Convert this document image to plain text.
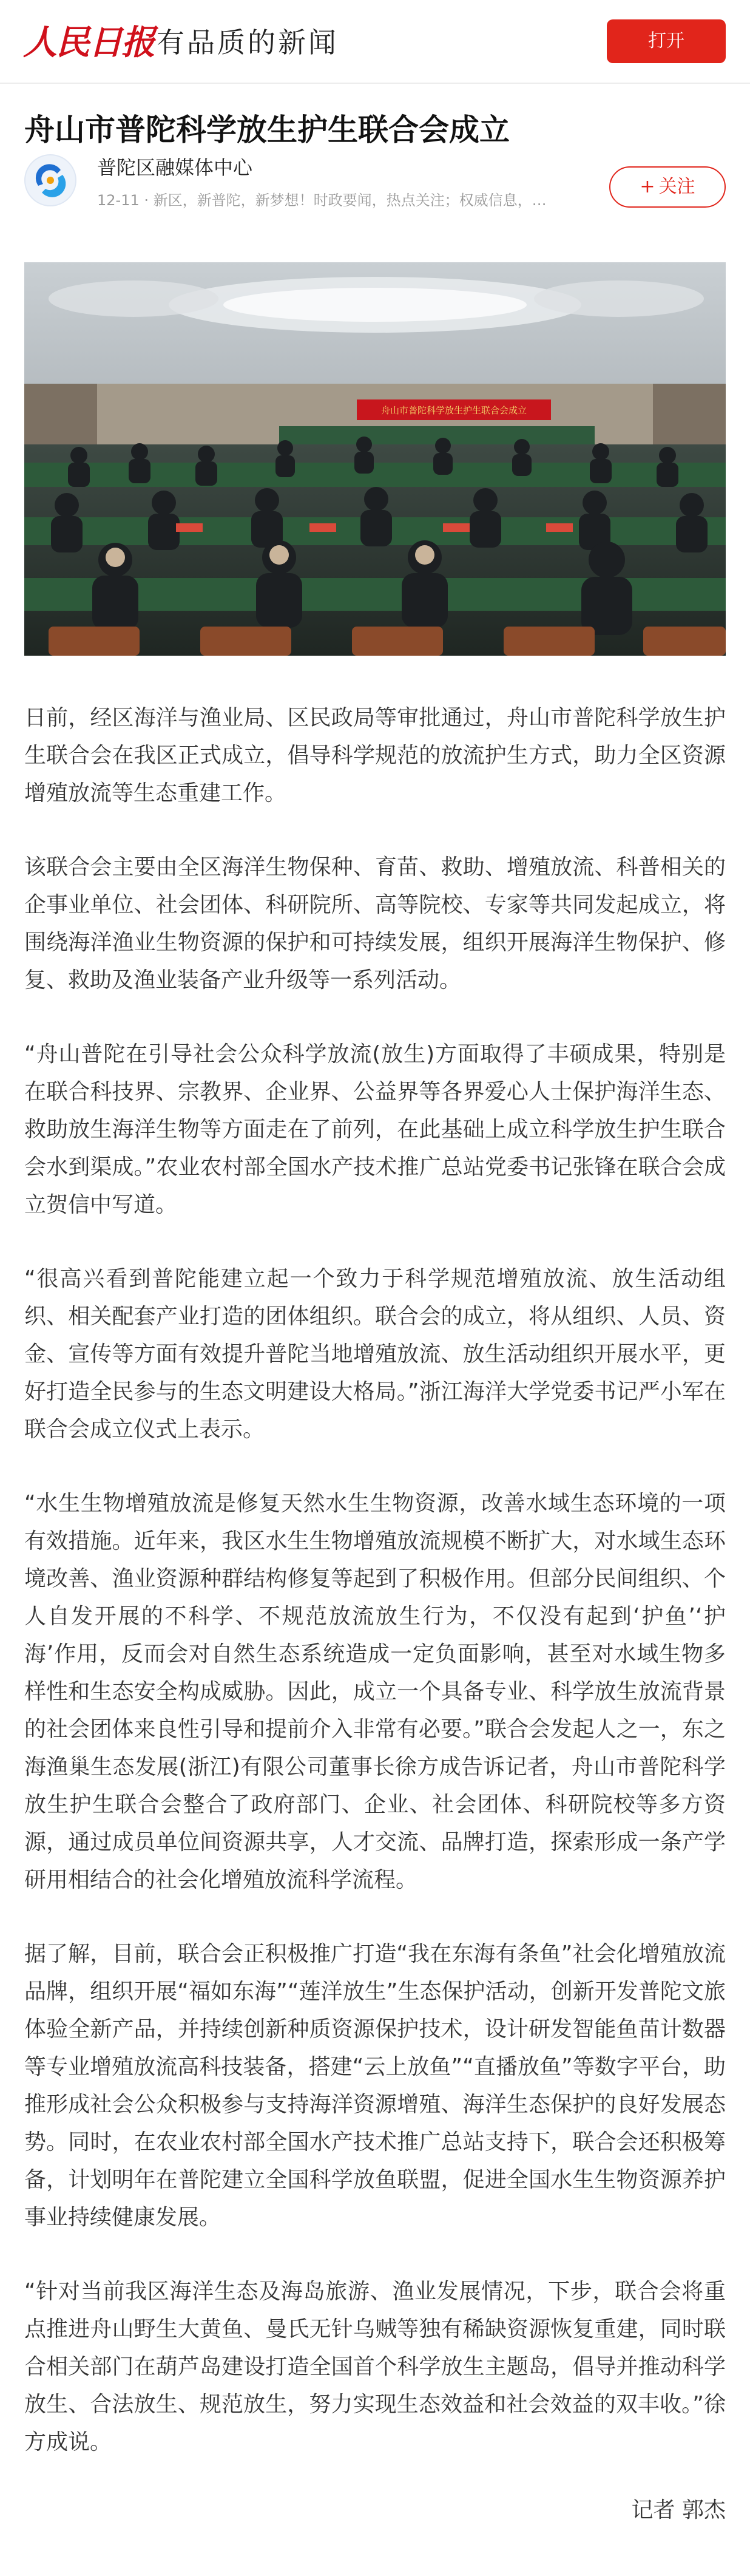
人民日报 有品质的新闻	打开
舟山市普陀科学放生护生联合会成立
普陀区融媒体中心
12-11 · 新区，新普陀，新梦想！时政要闻，热点关注；权威信息，…
+ 关注
舟山市普陀科学放生护生联合会成立

日前，经区海洋与渔业局、区民政局等审批通过，舟山市普陀科学放生护生联合会在我区正式成立，倡导科学规范的放流护生方式，助力全区资源增殖放流等生态重建工作。

该联合会主要由全区海洋生物保种、育苗、救助、增殖放流、科普相关的企事业单位、社会团体、科研院所、高等院校、专家等共同发起成立，将围绕海洋渔业生物资源的保护和可持续发展，组织开展海洋生物保护、修复、救助及渔业装备产业升级等一系列活动。

“舟山普陀在引导社会公众科学放流(放生)方面取得了丰硕成果，特别是在联合科技界、宗教界、企业界、公益界等各界爱心人士保护海洋生态、救助放生海洋生物等方面走在了前列，在此基础上成立科学放生护生联合会水到渠成。”农业农村部全国水产技术推广总站党委书记张锋在联合会成立贺信中写道。

“很高兴看到普陀能建立起一个致力于科学规范增殖放流、放生活动组织、相关配套产业打造的团体组织。联合会的成立，将从组织、人员、资金、宣传等方面有效提升普陀当地增殖放流、放生活动组织开展水平，更好打造全民参与的生态文明建设大格局。”浙江海洋大学党委书记严小军在联合会成立仪式上表示。

“水生生物增殖放流是修复天然水生生物资源，改善水域生态环境的一项有效措施。近年来，我区水生生物增殖放流规模不断扩大，对水域生态环境改善、渔业资源种群结构修复等起到了积极作用。但部分民间组织、个人自发开展的不科学、不规范放流放生行为，不仅没有起到‘护鱼’‘护海’作用，反而会对自然生态系统造成一定负面影响，甚至对水域生物多样性和生态安全构成威胁。因此，成立一个具备专业、科学放生放流背景的社会团体来良性引导和提前介入非常有必要。”联合会发起人之一，东之海渔巢生态发展(浙江)有限公司董事长徐方成告诉记者，舟山市普陀科学放生护生联合会整合了政府部门、企业、社会团体、科研院校等多方资源，通过成员单位间资源共享，人才交流、品牌打造，探索形成一条产学研用相结合的社会化增殖放流科学流程。

据了解，目前，联合会正积极推广打造“我在东海有条鱼”社会化增殖放流品牌，组织开展“福如东海”“莲洋放生”生态保护活动，创新开发普陀文旅体验全新产品，并持续创新种质资源保护技术，设计研发智能鱼苗计数器等专业增殖放流高科技装备，搭建“云上放鱼”“直播放鱼”等数字平台，助推形成社会公众积极参与支持海洋资源增殖、海洋生态保护的良好发展态势。同时，在农业农村部全国水产技术推广总站支持下，联合会还积极筹备，计划明年在普陀建立全国科学放鱼联盟，促进全国水生生物资源养护事业持续健康发展。

“针对当前我区海洋生态及海岛旅游、渔业发展情况，下步，联合会将重点推进舟山野生大黄鱼、曼氏无针乌贼等独有稀缺资源恢复重建，同时联合相关部门在葫芦岛建设打造全国首个科学放生主题岛，倡导并推动科学放生、合法放生、规范放生，努力实现生态效益和社会效益的双丰收。”徐方成说。

记者 郭杰
